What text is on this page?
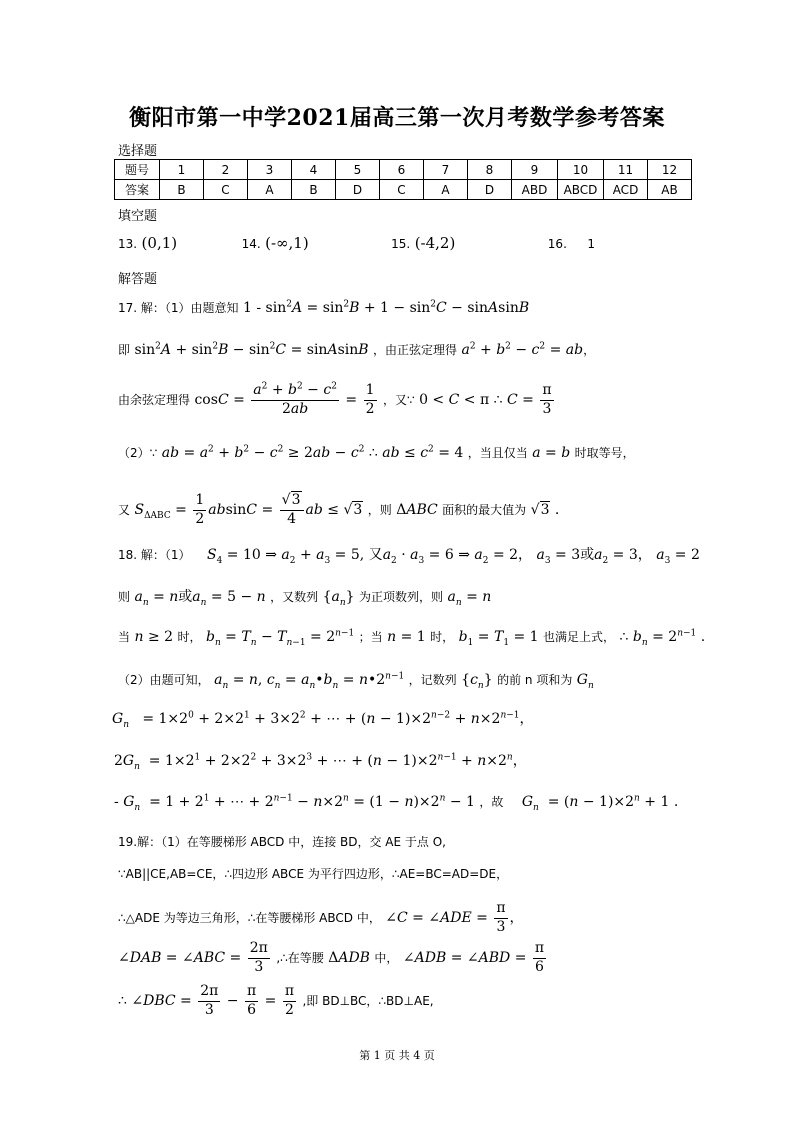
衡阳市第一中学2021届高三第一次月考数学参考答案
选择题
题号	1	2	3	4	5	6	7	8	9	10	11	12
答案	B	C	A	B	D	C	A	D	ABD	ABCD	ACD	AB
填空题
13. (0,1)	14. (-∞,1)	15. (-4,2)	16. 1
解答题
17. 解：（1）由题意知 $1 - \sin^2A = \sin^2B + 1 - \sin^2C$ − sinAsinB
即 $\sin^2A + \sin^2B - \sin^2C$ = sinAsinB ，由正弦定理得 $a^2 + b^2 - c^2$ = ab，
由余弦定理得 $\cos C = \frac{a^2 + b^2 - c^2}{2ab} = \frac{1}{2}$ ，又∵ 0 < C < π ∴ $C = \frac{\pi}{3}$
（2）∵ ab = $a^2 + b^2 - c^2 \ge 2ab - c^2$ ∴ ab ≤ $c^2 = 4$ ，当且仅当 a = b 时取等号，
又 $S_{\Delta ABC} = \frac{1}{2}$ $absinC = \frac{√3}{4}$ ab ≤ √3 ，则 ΔABC 面积的最大值为 √3 .
18. 解：（1） $S_4 = 10$ ⇒ $a_2 + a_3 = 5$, 又$a_2 \cdot a_3 = 6$ ⇒ $a_2 = 2$， $a_3 = 3$或$a_2 = 3$， $a_3 = 2$
则 $a_n = n$或$a_n = 5 - n$ ，又数列 $\{a_n\}$ 为正项数列，则 $a_n = n$
当 n ≥ 2 时， $b_n = T_n - T_{n-1} = 2^{n-1}$ ；当 n = 1 时， $b_1 = T_1 = 1$ 也满足上式， ∴ $b_n = 2^{n-1}$ .
（2）由题可知， $a_n = n$, $c_n$ = $a_n•b_n$ = $n•2^{n-1}$ ，记数列 $\{c_n\}$ 的前 n 项和为 $G_n$
$G_n = 1\times 2^0 + 2\times 2^1 + 3\times 2^2$ + ⋯ + $(n - 1)\times 2^{n-2} + n\times 2^{n-1}$，
$2G_n = 1\times 2^1 + 2\times 2^2 + 3\times 2^3$ + ⋯ + $(n - 1)\times 2^{n-1} + n\times 2^n$，
- $G_n = 1 + 2^1$ + ⋯ + $2^{n-1} - n\times 2^n = (1 - n)\times 2^n - 1$ ，故 $G_n = (n - 1)\times 2^n + 1$ .
19.解：（1）在等腰梯形 ABCD 中，连接 BD，交 AE 于点 O,
∵AB||CE,AB=CE，∴四边形 ABCE 为平行四边形，∴AE=BC=AD=DE，
∴△ADE 为等边三角形，∴在等腰梯形 ABCD 中， ∠C = ∠ADE = $\frac{\pi}{3}$ ，
∠DAB = ∠ABC = $\frac{2\pi}{3}$ ,∴在等腰 ΔADB 中， ∠ADB = ∠ABD = $\frac{\pi}{6}$
∴ ∠DBC = $\frac{2\pi}{3} - \frac{\pi}{6} = \frac{\pi}{2}$ ,即 BD⊥BC，∴BD⊥AE,
第 1 页 共 4 页
